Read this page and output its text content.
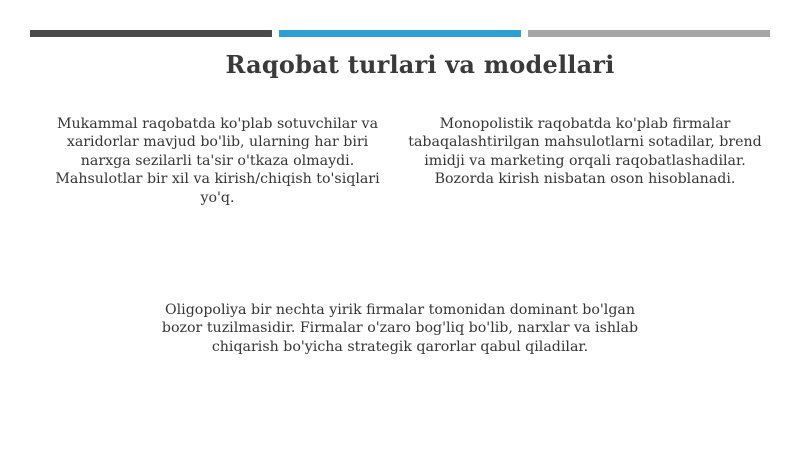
Raqobat turlari va modellari
Mukammal raqobatda ko'plab sotuvchilar va xaridorlar mavjud bo'lib, ularning har biri narxga sezilarli ta'sir o'tkaza olmaydi. Mahsulotlar bir xil va kirish/chiqish to'siqlari yo'q.
Monopolistik raqobatda ko'plab firmalar tabaqalashtirilgan mahsulotlarni sotadilar, brend imidji va marketing orqali raqobatlashadilar. Bozorda kirish nisbatan oson hisoblanadi.
Oligopoliya bir nechta yirik firmalar tomonidan dominant bo'lgan bozor tuzilmasidir. Firmalar o'zaro bog'liq bo'lib, narxlar va ishlab chiqarish bo'yicha strategik qarorlar qabul qiladilar.
